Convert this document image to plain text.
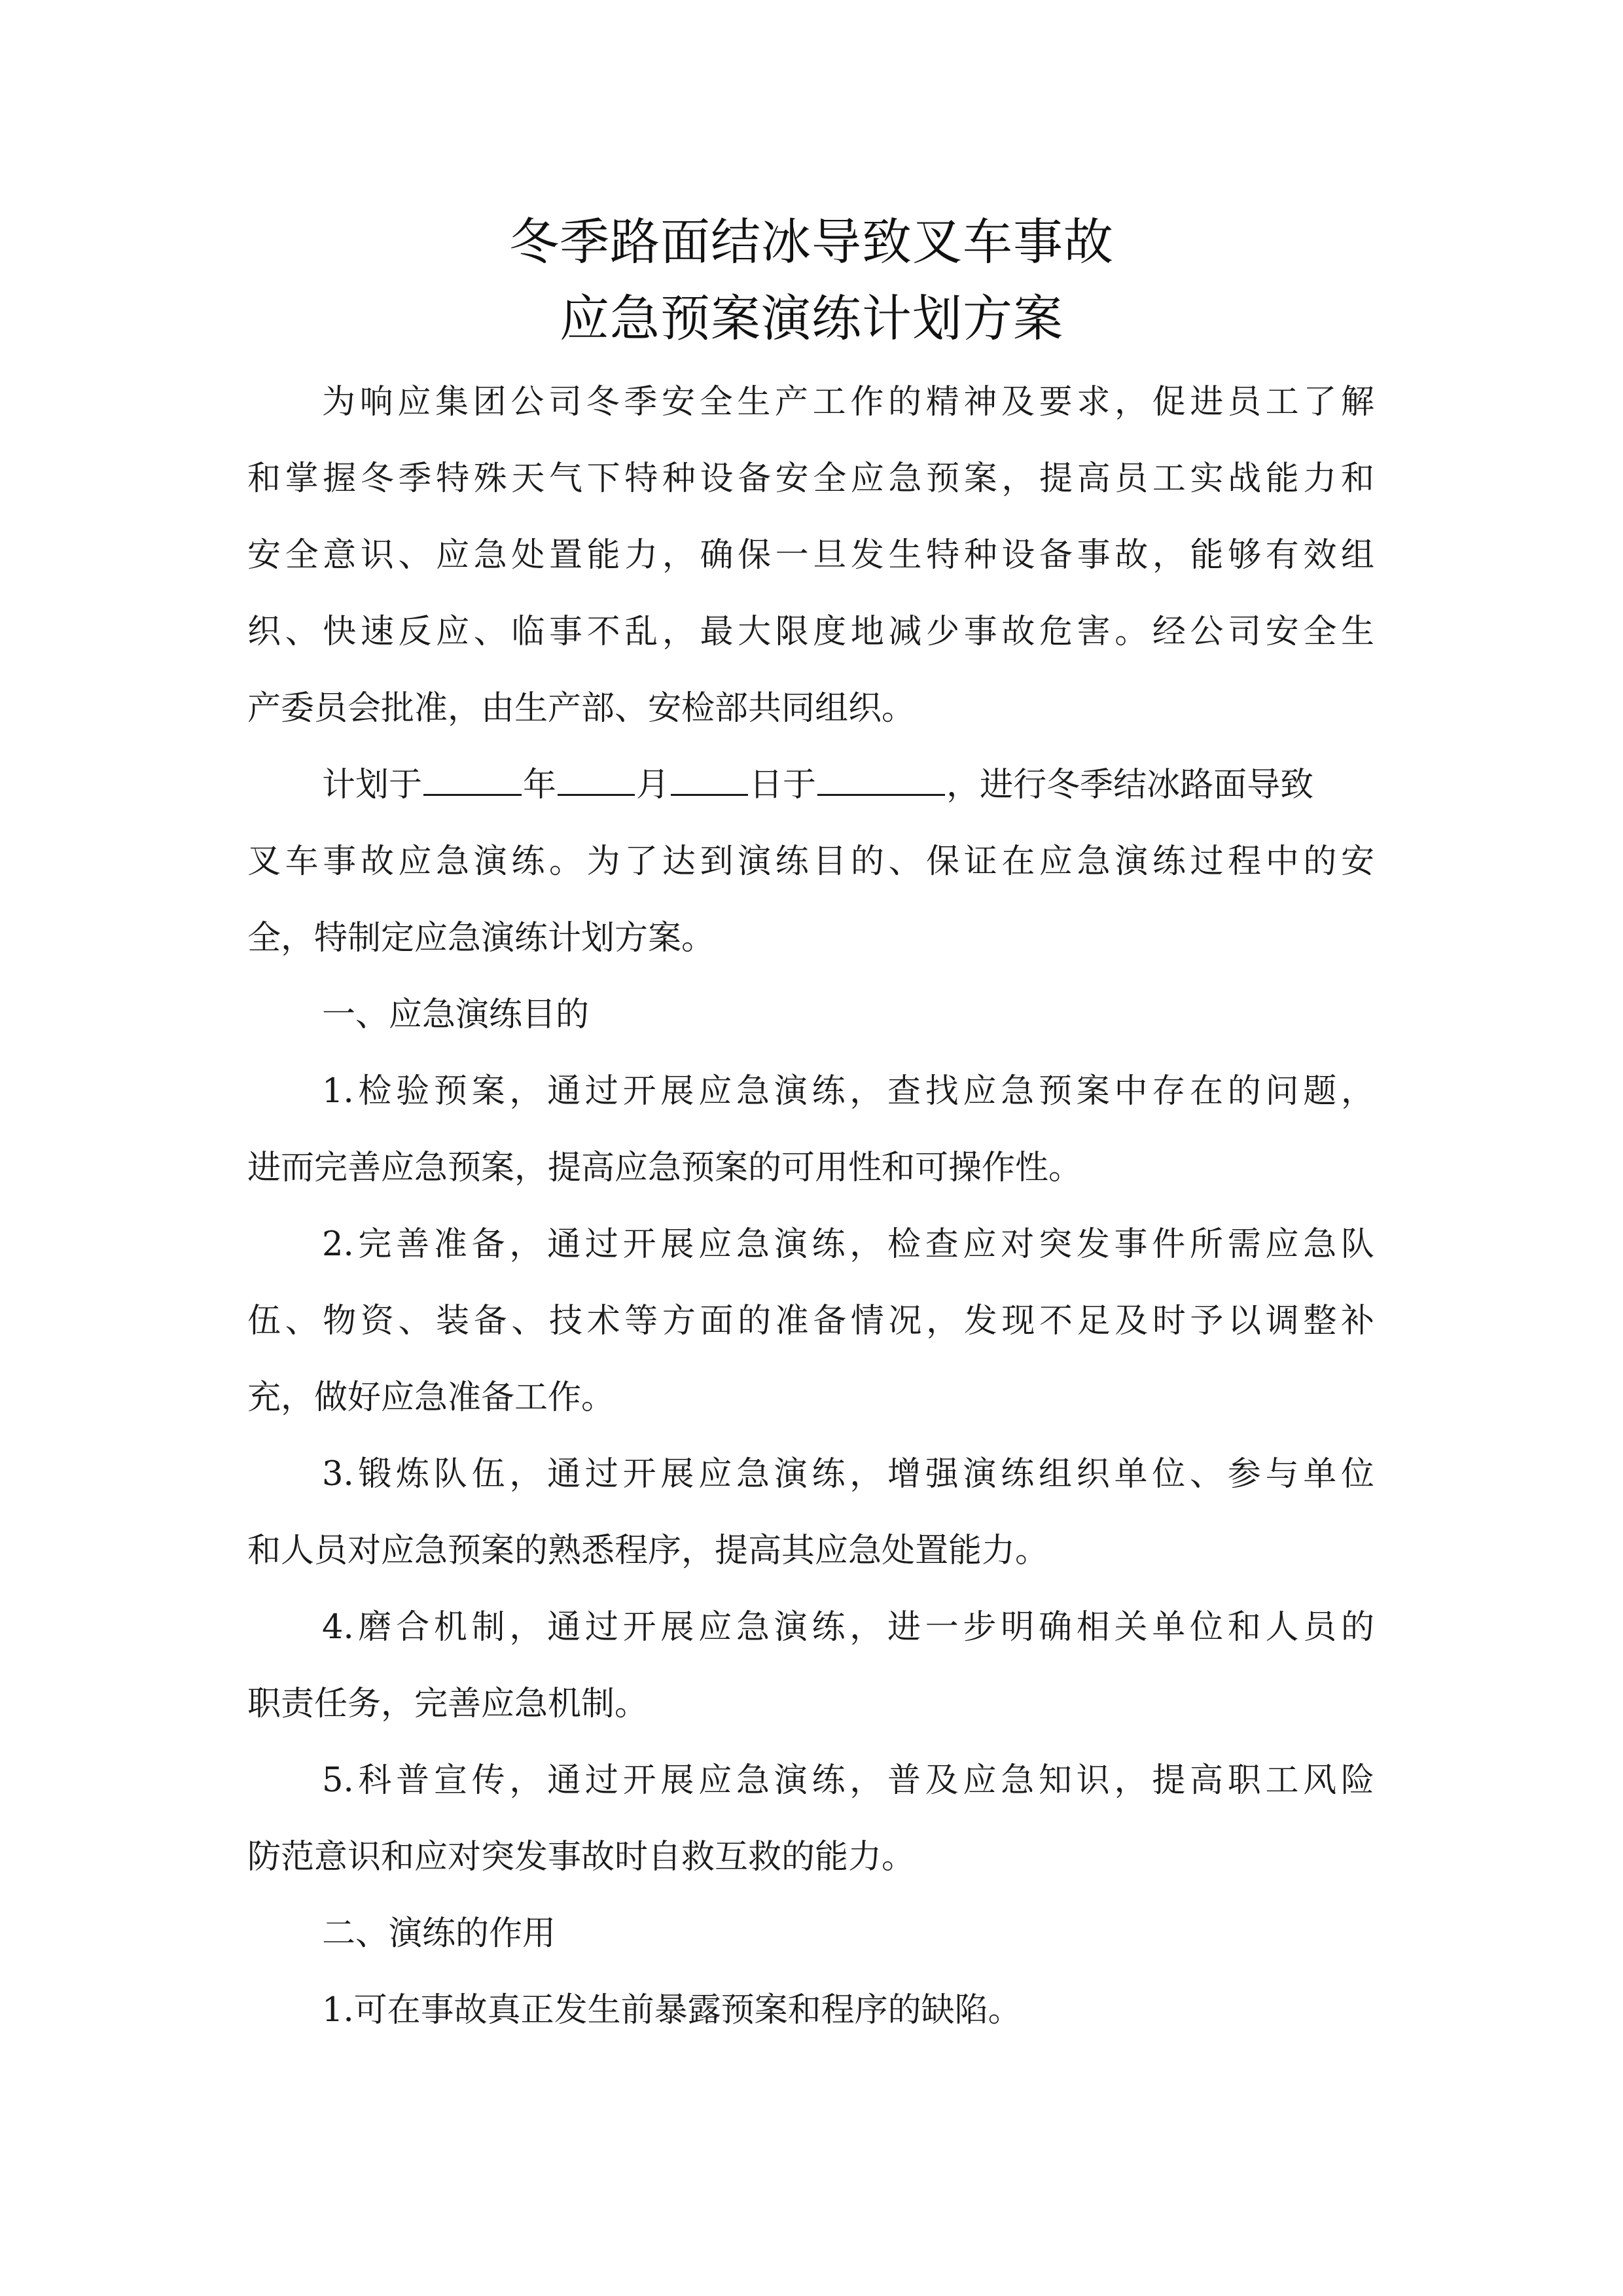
冬季路面结冰导致叉车事故
应急预案演练计划方案
为响应集团公司冬季安全生产工作的精神及要求，促进员工了解
和掌握冬季特殊天气下特种设备安全应急预案，提高员工实战能力和
安全意识、应急处置能力，确保一旦发生特种设备事故，能够有效组
织、快速反应、临事不乱，最大限度地减少事故危害。经公司安全生
产委员会批准，由生产部、安检部共同组织。
计划于	年 月 日于	，进行冬季结冰路面导致
叉车事故应急演练。为了达到演练目的、保证在应急演练过程中的安
全，特制定应急演练计划方案。
一、应急演练目的
1.检验预案，通过开展应急演练，查找应急预案中存在的问题，
进而完善应急预案，提高应急预案的可用性和可操作性。
2.完善准备，通过开展应急演练，检查应对突发事件所需应急队
伍、物资、装备、技术等方面的准备情况，发现不足及时予以调整补
充，做好应急准备工作。
3.锻炼队伍，通过开展应急演练，增强演练组织单位、参与单位
和人员对应急预案的熟悉程序，提高其应急处置能力。
4.磨合机制，通过开展应急演练，进一步明确相关单位和人员的
职责任务，完善应急机制。
5.科普宣传，通过开展应急演练，普及应急知识，提高职工风险
防范意识和应对突发事故时自救互救的能力。
二、演练的作用
1.可在事故真正发生前暴露预案和程序的缺陷。
